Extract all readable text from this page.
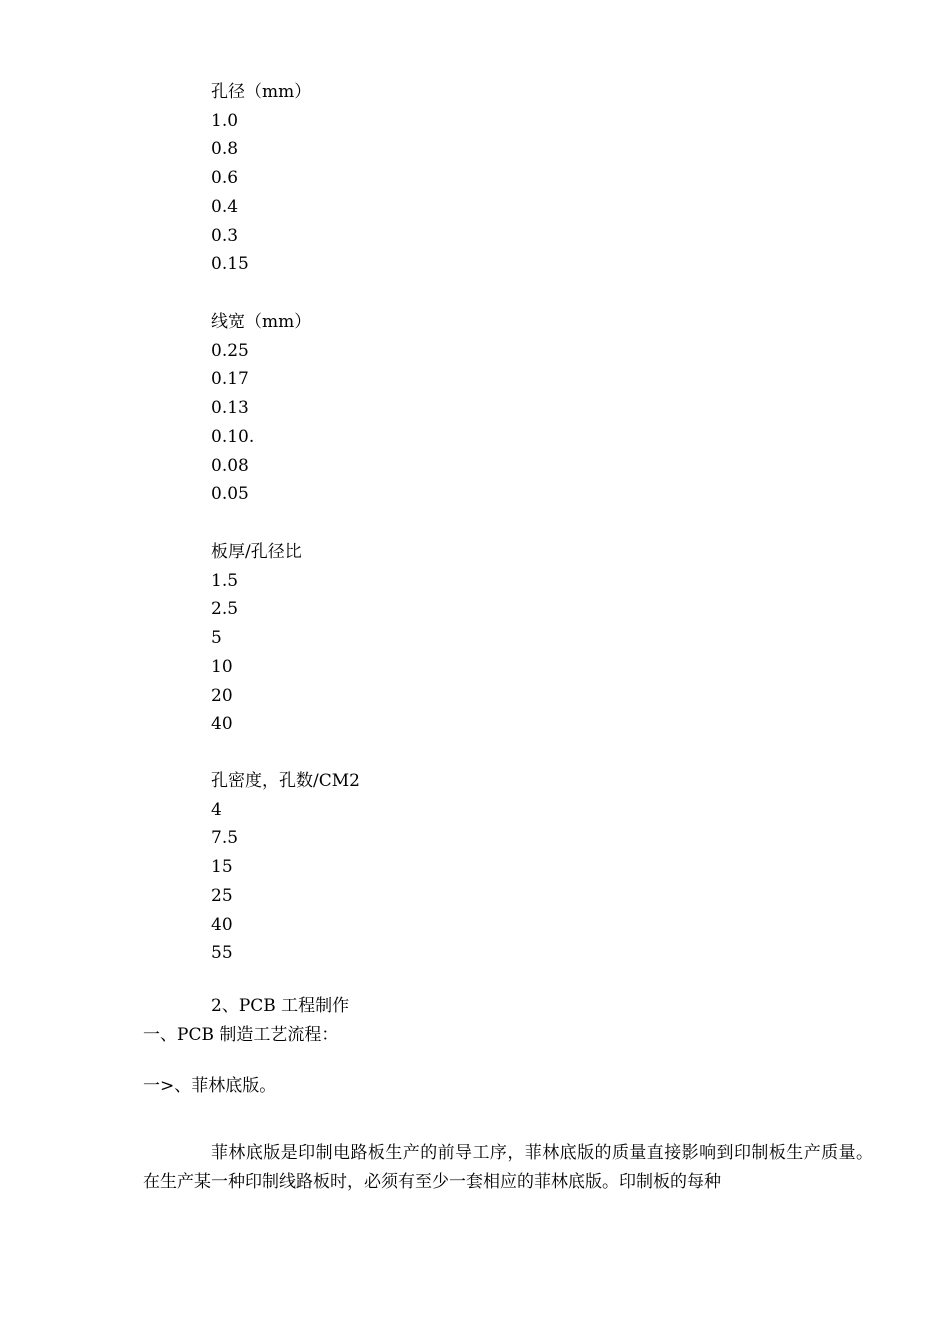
孔径（mm）
1.0
0.8
0.6
0.4
0.3
0.15
线宽（mm）
0.25
0.17
0.13
0.10.
0.08
0.05
板厚/孔径比
1.5
2.5
5
10
20
40
孔密度，孔数/CM2
4
7.5
15
25
40
55
2、PCB 工程制作
一、PCB 制造工艺流程：
一>、菲林底版。

菲林底版是印制电路板生产的前导工序，菲林底版的质量直接影响到印制板生产质量。在生产某一种印制线路板时，必须有至少一套相应的菲林底版。印制板的每种
